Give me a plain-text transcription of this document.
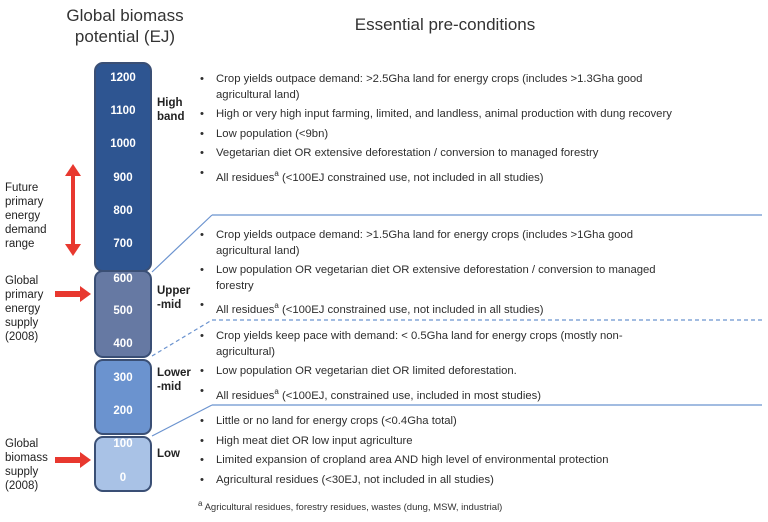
Global biomass potential (EJ)
Essential pre-conditions
Future
primary
energy
demand
range
Global
primary
energy
supply
(2008)
Global
biomass
supply
(2008)
1200
1100
1000
900
800
700
600
500
400
300
200
100
0
High
band
Upper
-mid
Lower
-mid
Low
• Crop yields outpace demand: >2.5Gha land for energy crops (includes >1.3Gha good agricultural land)
• High or very high input farming, limited, and landless, animal production with dung recovery
• Low population (<9bn)
• Vegetarian diet OR extensive deforestation / conversion to managed forestry
• All residues$^a$ (<100EJ constrained use, not included in all studies)
• Crop yields outpace demand: >1.5Gha land for energy crops (includes >1Gha good agricultural land)
• Low population OR vegetarian diet OR extensive deforestation / conversion to managed forestry
• All residues$^a$ (<100EJ constrained use, not included in all studies)
• Crop yields keep pace with demand: < 0.5Gha land for energy crops (mostly non-agricultural)
• Low population OR vegetarian diet OR limited deforestation.
• All residues$^a$ (<100EJ, constrained use, included in most studies)
• Little or no land for energy crops (<0.4Gha total)
• High meat diet OR low input agriculture
• Limited expansion of cropland area AND high level of environmental protection
• Agricultural residues (<30EJ, not included in all studies)
$^a$ Agricultural residues, forestry residues, wastes (dung, MSW, industrial)
